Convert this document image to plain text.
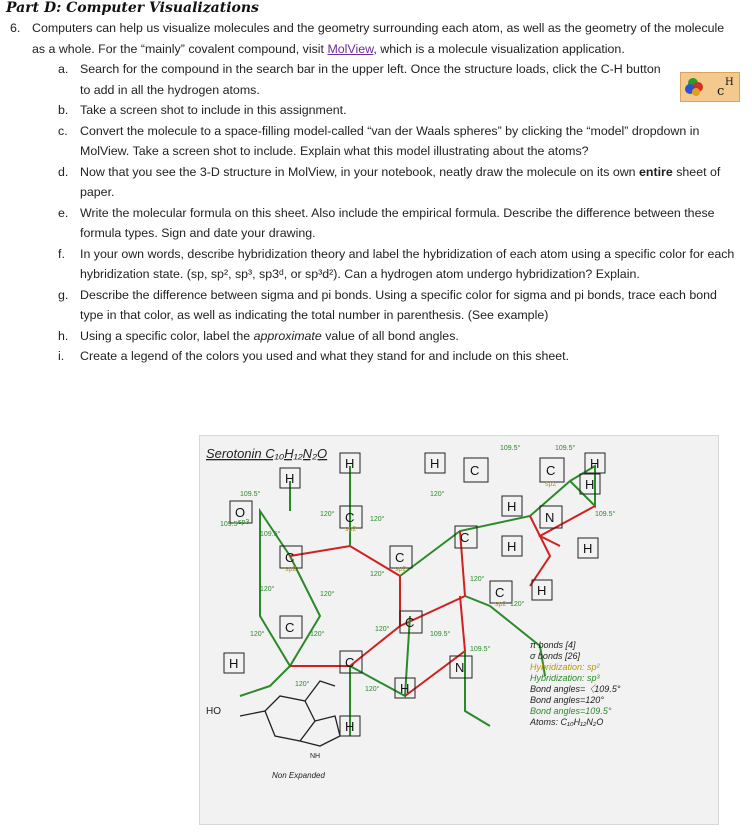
Part D: Computer Visualizations
6. Computers can help us visualize molecules and the geometry surrounding each atom, as well as the geometry of the molecule as a whole. For the “mainly” covalent compound, visit MolView, which is a molecule visualization application.
a. Search for the compound in the search bar in the upper left. Once the structure loads, click the C-H button to add in all the hydrogen atoms.
b. Take a screen shot to include in this assignment.
c. Convert the molecule to a space-filling model-called “van der Waals spheres” by clicking the “model” dropdown in MolView. Take a screen shot to include. Explain what this model illustrating about the atoms?
d. Now that you see the 3-D structure in MolView, in your notebook, neatly draw the molecule on its own entire sheet of paper.
e. Write the molecular formula on this sheet. Also include the empirical formula. Describe the difference between these formula types. Sign and date your drawing.
f. In your own words, describe hybridization theory and label the hybridization of each atom using a specific color for each hybridization state. (sp, sp², sp³, sp3ᵈ, or sp³d²). Can a hydrogen atom undergo hybridization? Explain.
g. Describe the difference between sigma and pi bonds. Using a specific color for sigma and pi bonds, trace each bond type in that color, as well as indicating the total number in parenthesis. (See example)
h. Using a specific color, label the approximate value of all bond angles.
i. Create a legend of the colors you used and what they stand for and include on this sheet.
c
H
Serotonin C₁₀H₁₂N₂O
H
H	H	H
H
H
H	H
H
H
H
H
C	C
C
C
C
C
C
C	C
C
N
N
O
sp3
sp2
sp2
sp2
sp2
sp2
109.5°
109.5°
109.5°
109.5°	109.5°
109.5°
109.5°
109.5°
120°
120°
120°
120°
120°
120°
120°
120°
120°	120°
120°
120°
120°
HO
NH
Non Expanded
π bonds [4]
σ bonds [26]
Hybridization: sp²
Hybridization: sp³
Bond angles=〈109.5°
Bond angles=120°
Bond angles=109.5°
Atoms: C₁₀H₁₂N₂O
